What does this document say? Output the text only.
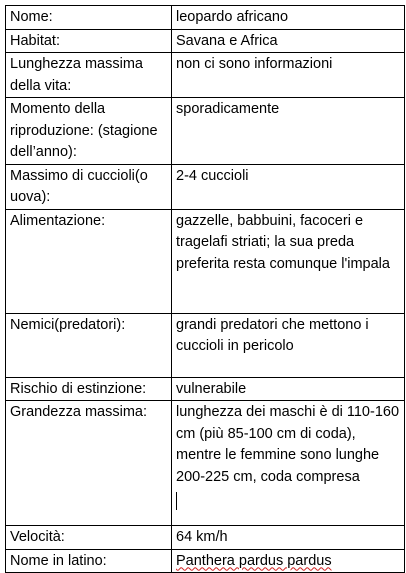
Nome:	leopardo africano
Habitat:	Savana e Africa
Lunghezza massima della vita:	non ci sono informazioni
Momento della riproduzione: (stagione dell’anno):	sporadicamente
Massimo di cuccioli(o uova):	2-4 cuccioli
Alimentazione:	gazzelle, babbuini, facoceri e tragelafi striati; la sua preda preferita resta comunque l'impala
Nemici(predatori):	grandi predatori che mettono i cuccioli in pericolo
Rischio di estinzione:	vulnerabile
Grandezza massima:	lunghezza dei maschi è di 110-160 cm (più 85-100 cm di coda), mentre le femmine sono lunghe 200-225 cm, coda compresa

Velocità:	64 km/h
Nome in latino:	Panthera pardus pardus
